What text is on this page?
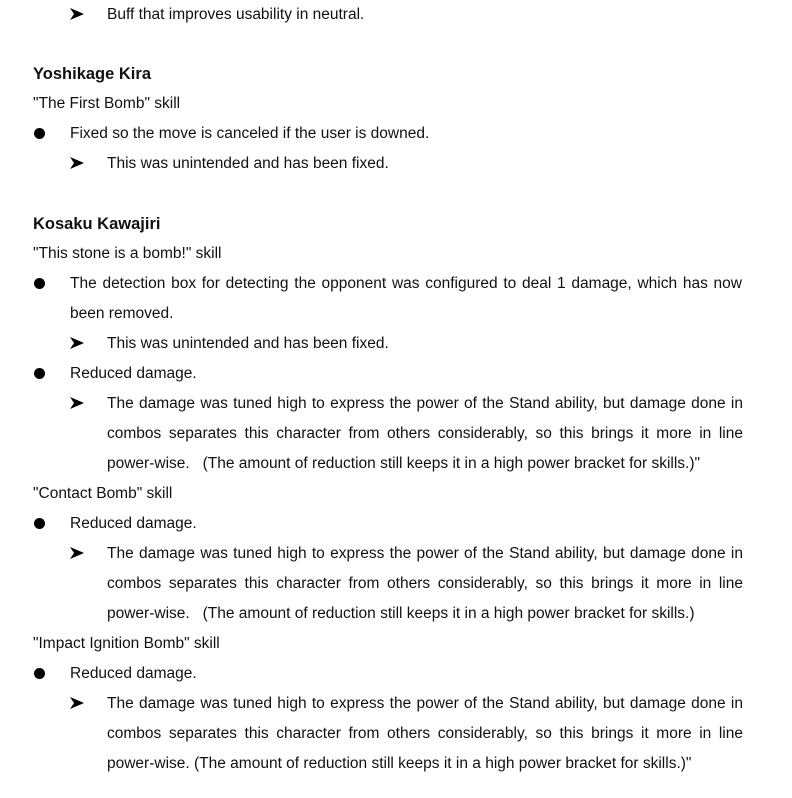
Buff that improves usability in neutral.
Yoshikage Kira
"The First Bomb" skill
Fixed so the move is canceled if the user is downed.
This was unintended and has been fixed.
Kosaku Kawajiri
"This stone is a bomb!" skill
The detection box for detecting the opponent was configured to deal 1 damage, which has now
been removed.
This was unintended and has been fixed.
Reduced damage.
The damage was tuned high to express the power of the Stand ability, but damage done in
combos separates this character from others considerably, so this brings it more in line
power-wise.   (The amount of reduction still keeps it in a high power bracket for skills.)"
"Contact Bomb" skill
Reduced damage.
The damage was tuned high to express the power of the Stand ability, but damage done in
combos separates this character from others considerably, so this brings it more in line
power-wise.   (The amount of reduction still keeps it in a high power bracket for skills.)
"Impact Ignition Bomb" skill
Reduced damage.
The damage was tuned high to express the power of the Stand ability, but damage done in
combos separates this character from others considerably, so this brings it more in line
power-wise. (The amount of reduction still keeps it in a high power bracket for skills.)"
